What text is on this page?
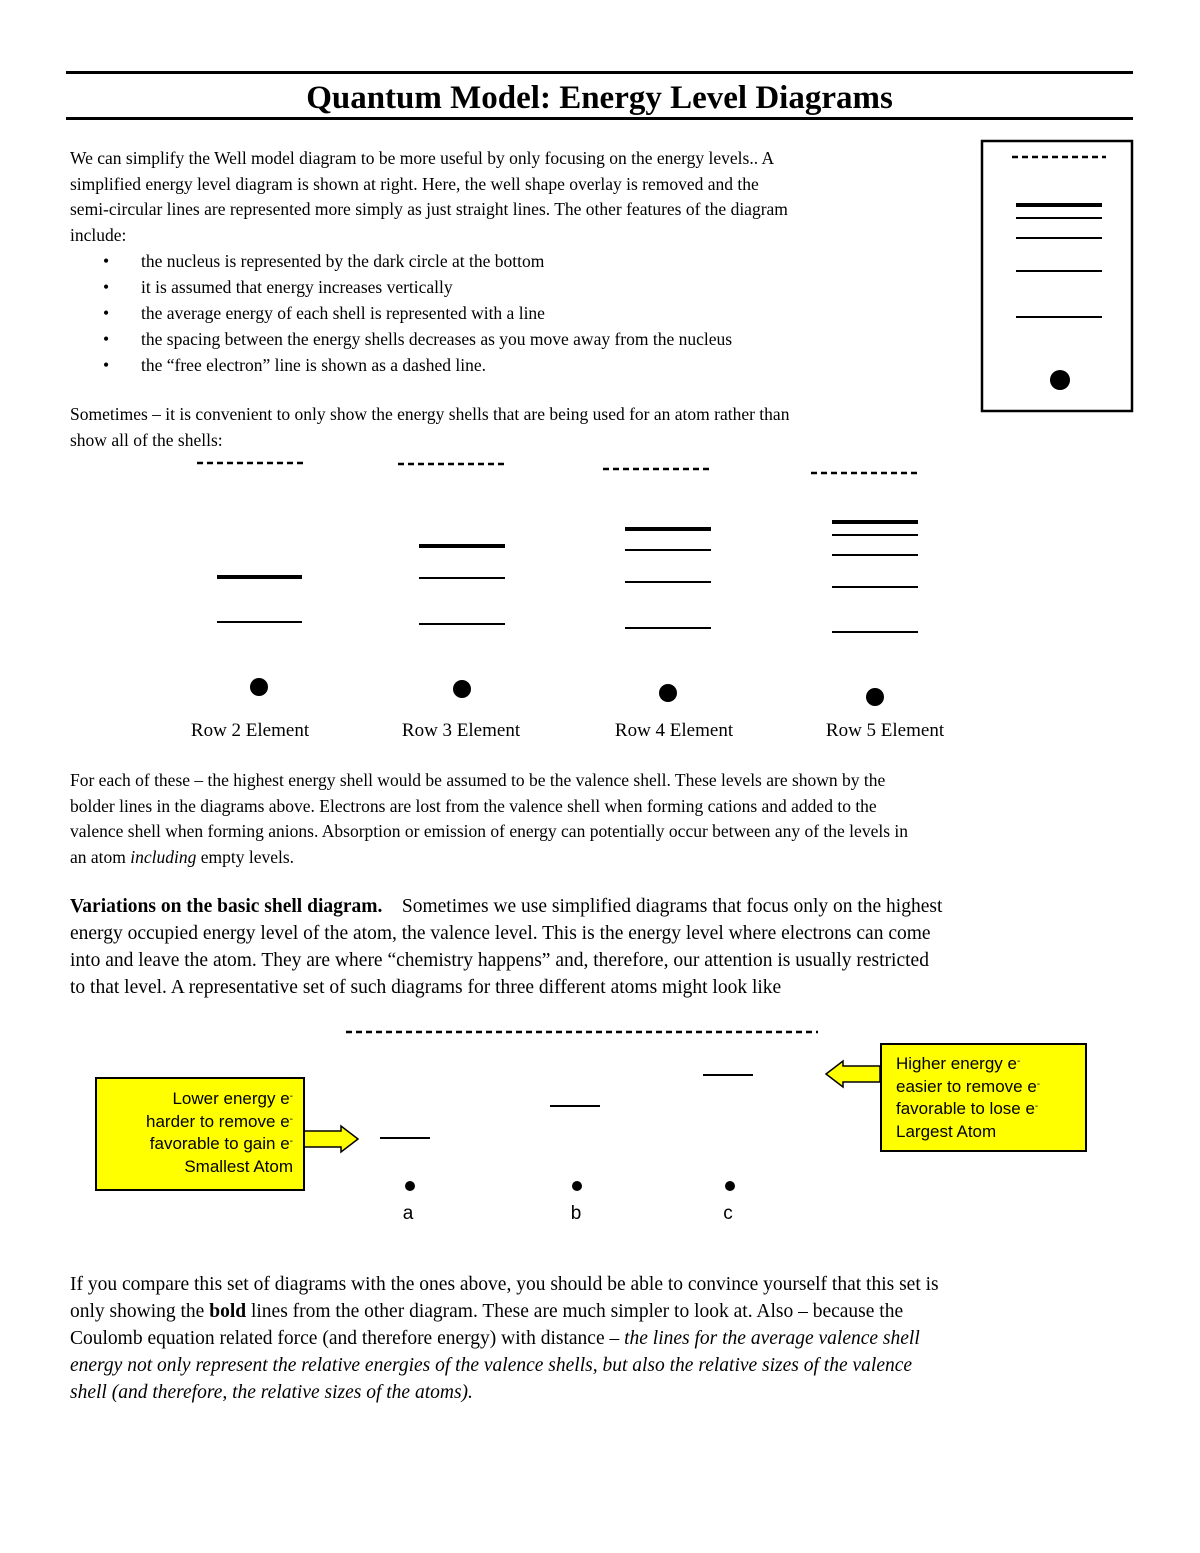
Quantum Model: Energy Level Diagrams
We can simplify the Well model diagram to be more useful by only focusing on the energy levels.. A
simplified energy level diagram is shown at right. Here, the well shape overlay is removed and the
semi-circular lines are represented more simply as just straight lines. The other features of the diagram
include:
• the nucleus is represented by the dark circle at the bottom
• it is assumed that energy increases vertically
• the average energy of each shell is represented with a line
• the spacing between the energy shells decreases as you move away from the nucleus
• the “free electron” line is shown as a dashed line.
Sometimes – it is convenient to only show the energy shells that are being used for an atom rather than
show all of the shells:
Row 2 Element	Row 3 Element	Row 4 Element	Row 5 Element
For each of these – the highest energy shell would be assumed to be the valence shell. These levels are shown by the
bolder lines in the diagrams above. Electrons are lost from the valence shell when forming cations and added to the
valence shell when forming anions. Absorption or emission of energy can potentially occur between any of the levels in
an atom including empty levels.
Variations on the basic shell diagram.    Sometimes we use simplified diagrams that focus only on the highest
energy occupied energy level of the atom, the valence level. This is the energy level where electrons can come
into and leave the atom. They are where “chemistry happens” and, therefore, our attention is usually restricted
to that level. A representative set of such diagrams for three different atoms might look like
Lower energy e-
harder to remove e-
favorable to gain e-
Smallest Atom
Higher energy e-
easier to remove e-
favorable to lose e-
Largest Atom
a	b	c
If you compare this set of diagrams with the ones above, you should be able to convince yourself that this set is
only showing the bold lines from the other diagram. These are much simpler to look at. Also – because the
Coulomb equation related force (and therefore energy) with distance – the lines for the average valence shell
energy not only represent the relative energies of the valence shells, but also the relative sizes of the valence
shell (and therefore, the relative sizes of the atoms).
